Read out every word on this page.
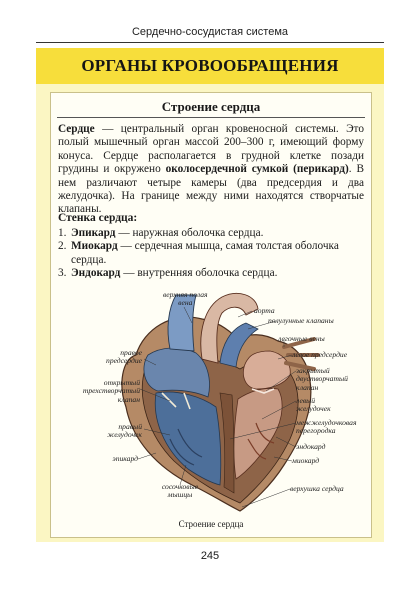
Сердечно-сосудистая система
ОРГАНЫ КРОВООБРАЩЕНИЯ
Строение сердца
Сердце — центральный орган кровеносной системы. Это полый мышечный орган массой 200–300 г, имеющий форму конуса. Сердце располагается в грудной клетке позади грудины и окружено околосердечной сумкой (перикард). В нем различают четыре камеры (два предсердия и два желудочка). На границе между ними находятся створчатые клапаны.
Стенка сердца:
1. Эпикард — наружная оболочка сердца.
2. Миокард — сердечная мышца, самая толстая оболочка сердца.
3. Эндокард — внутренняя оболочка сердца.
верхняя полая
вена
аорта
полулунные клапаны
легочные вены
левое предсердие
правое
предсердие
закрытый
двустворчатый
клапан
открытый
трехстворчатый
клапан	левый
желудочек
межжелудочковая
перегородка
правый
желудочек
эндокард
эпикард	миокард
сосочковые
мышцы
верхушка сердца
Строение сердца
245
